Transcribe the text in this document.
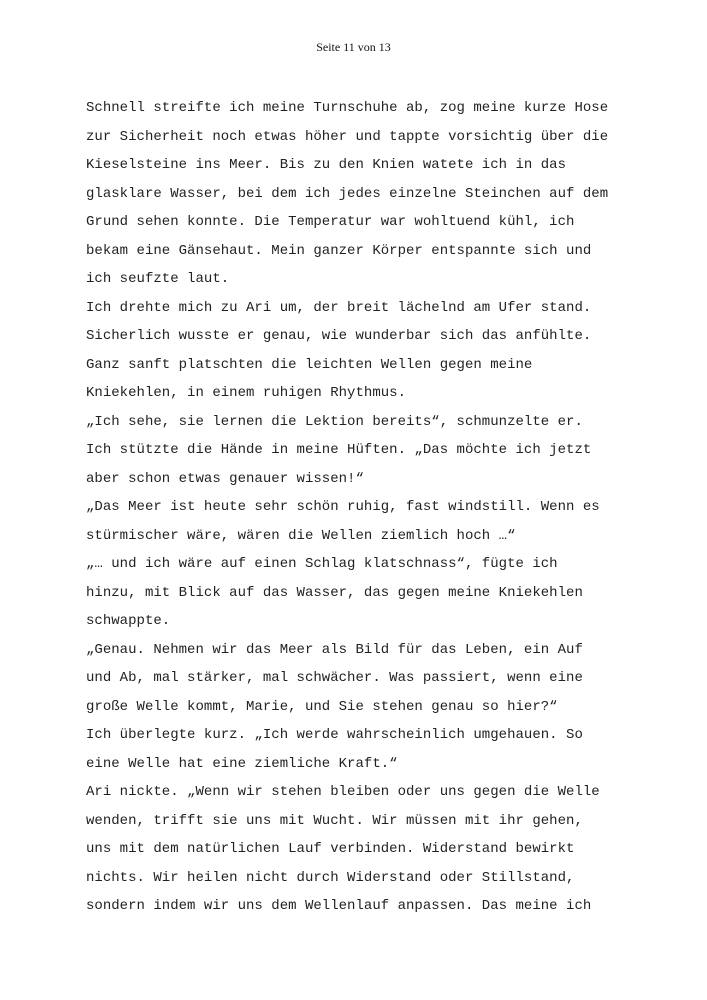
Seite 11 von 13
Schnell streifte ich meine Turnschuhe ab, zog meine kurze Hose
zur Sicherheit noch etwas höher und tappte vorsichtig über die
Kieselsteine ins Meer. Bis zu den Knien watete ich in das
glasklare Wasser, bei dem ich jedes einzelne Steinchen auf dem
Grund sehen konnte. Die Temperatur war wohltuend kühl, ich
bekam eine Gänsehaut. Mein ganzer Körper entspannte sich und
ich seufzte laut.
Ich drehte mich zu Ari um, der breit lächelnd am Ufer stand.
Sicherlich wusste er genau, wie wunderbar sich das anfühlte.
Ganz sanft platschten die leichten Wellen gegen meine
Kniekehlen, in einem ruhigen Rhythmus.
„Ich sehe, sie lernen die Lektion bereits“, schmunzelte er.
Ich stützte die Hände in meine Hüften. „Das möchte ich jetzt
aber schon etwas genauer wissen!“
„Das Meer ist heute sehr schön ruhig, fast windstill. Wenn es
stürmischer wäre, wären die Wellen ziemlich hoch …“
„… und ich wäre auf einen Schlag klatschnass“, fügte ich
hinzu, mit Blick auf das Wasser, das gegen meine Kniekehlen
schwappte.
„Genau. Nehmen wir das Meer als Bild für das Leben, ein Auf
und Ab, mal stärker, mal schwächer. Was passiert, wenn eine
große Welle kommt, Marie, und Sie stehen genau so hier?“
Ich überlegte kurz. „Ich werde wahrscheinlich umgehauen. So
eine Welle hat eine ziemliche Kraft.“
Ari nickte. „Wenn wir stehen bleiben oder uns gegen die Welle
wenden, trifft sie uns mit Wucht. Wir müssen mit ihr gehen,
uns mit dem natürlichen Lauf verbinden. Widerstand bewirkt
nichts. Wir heilen nicht durch Widerstand oder Stillstand,
sondern indem wir uns dem Wellenlauf anpassen. Das meine ich
